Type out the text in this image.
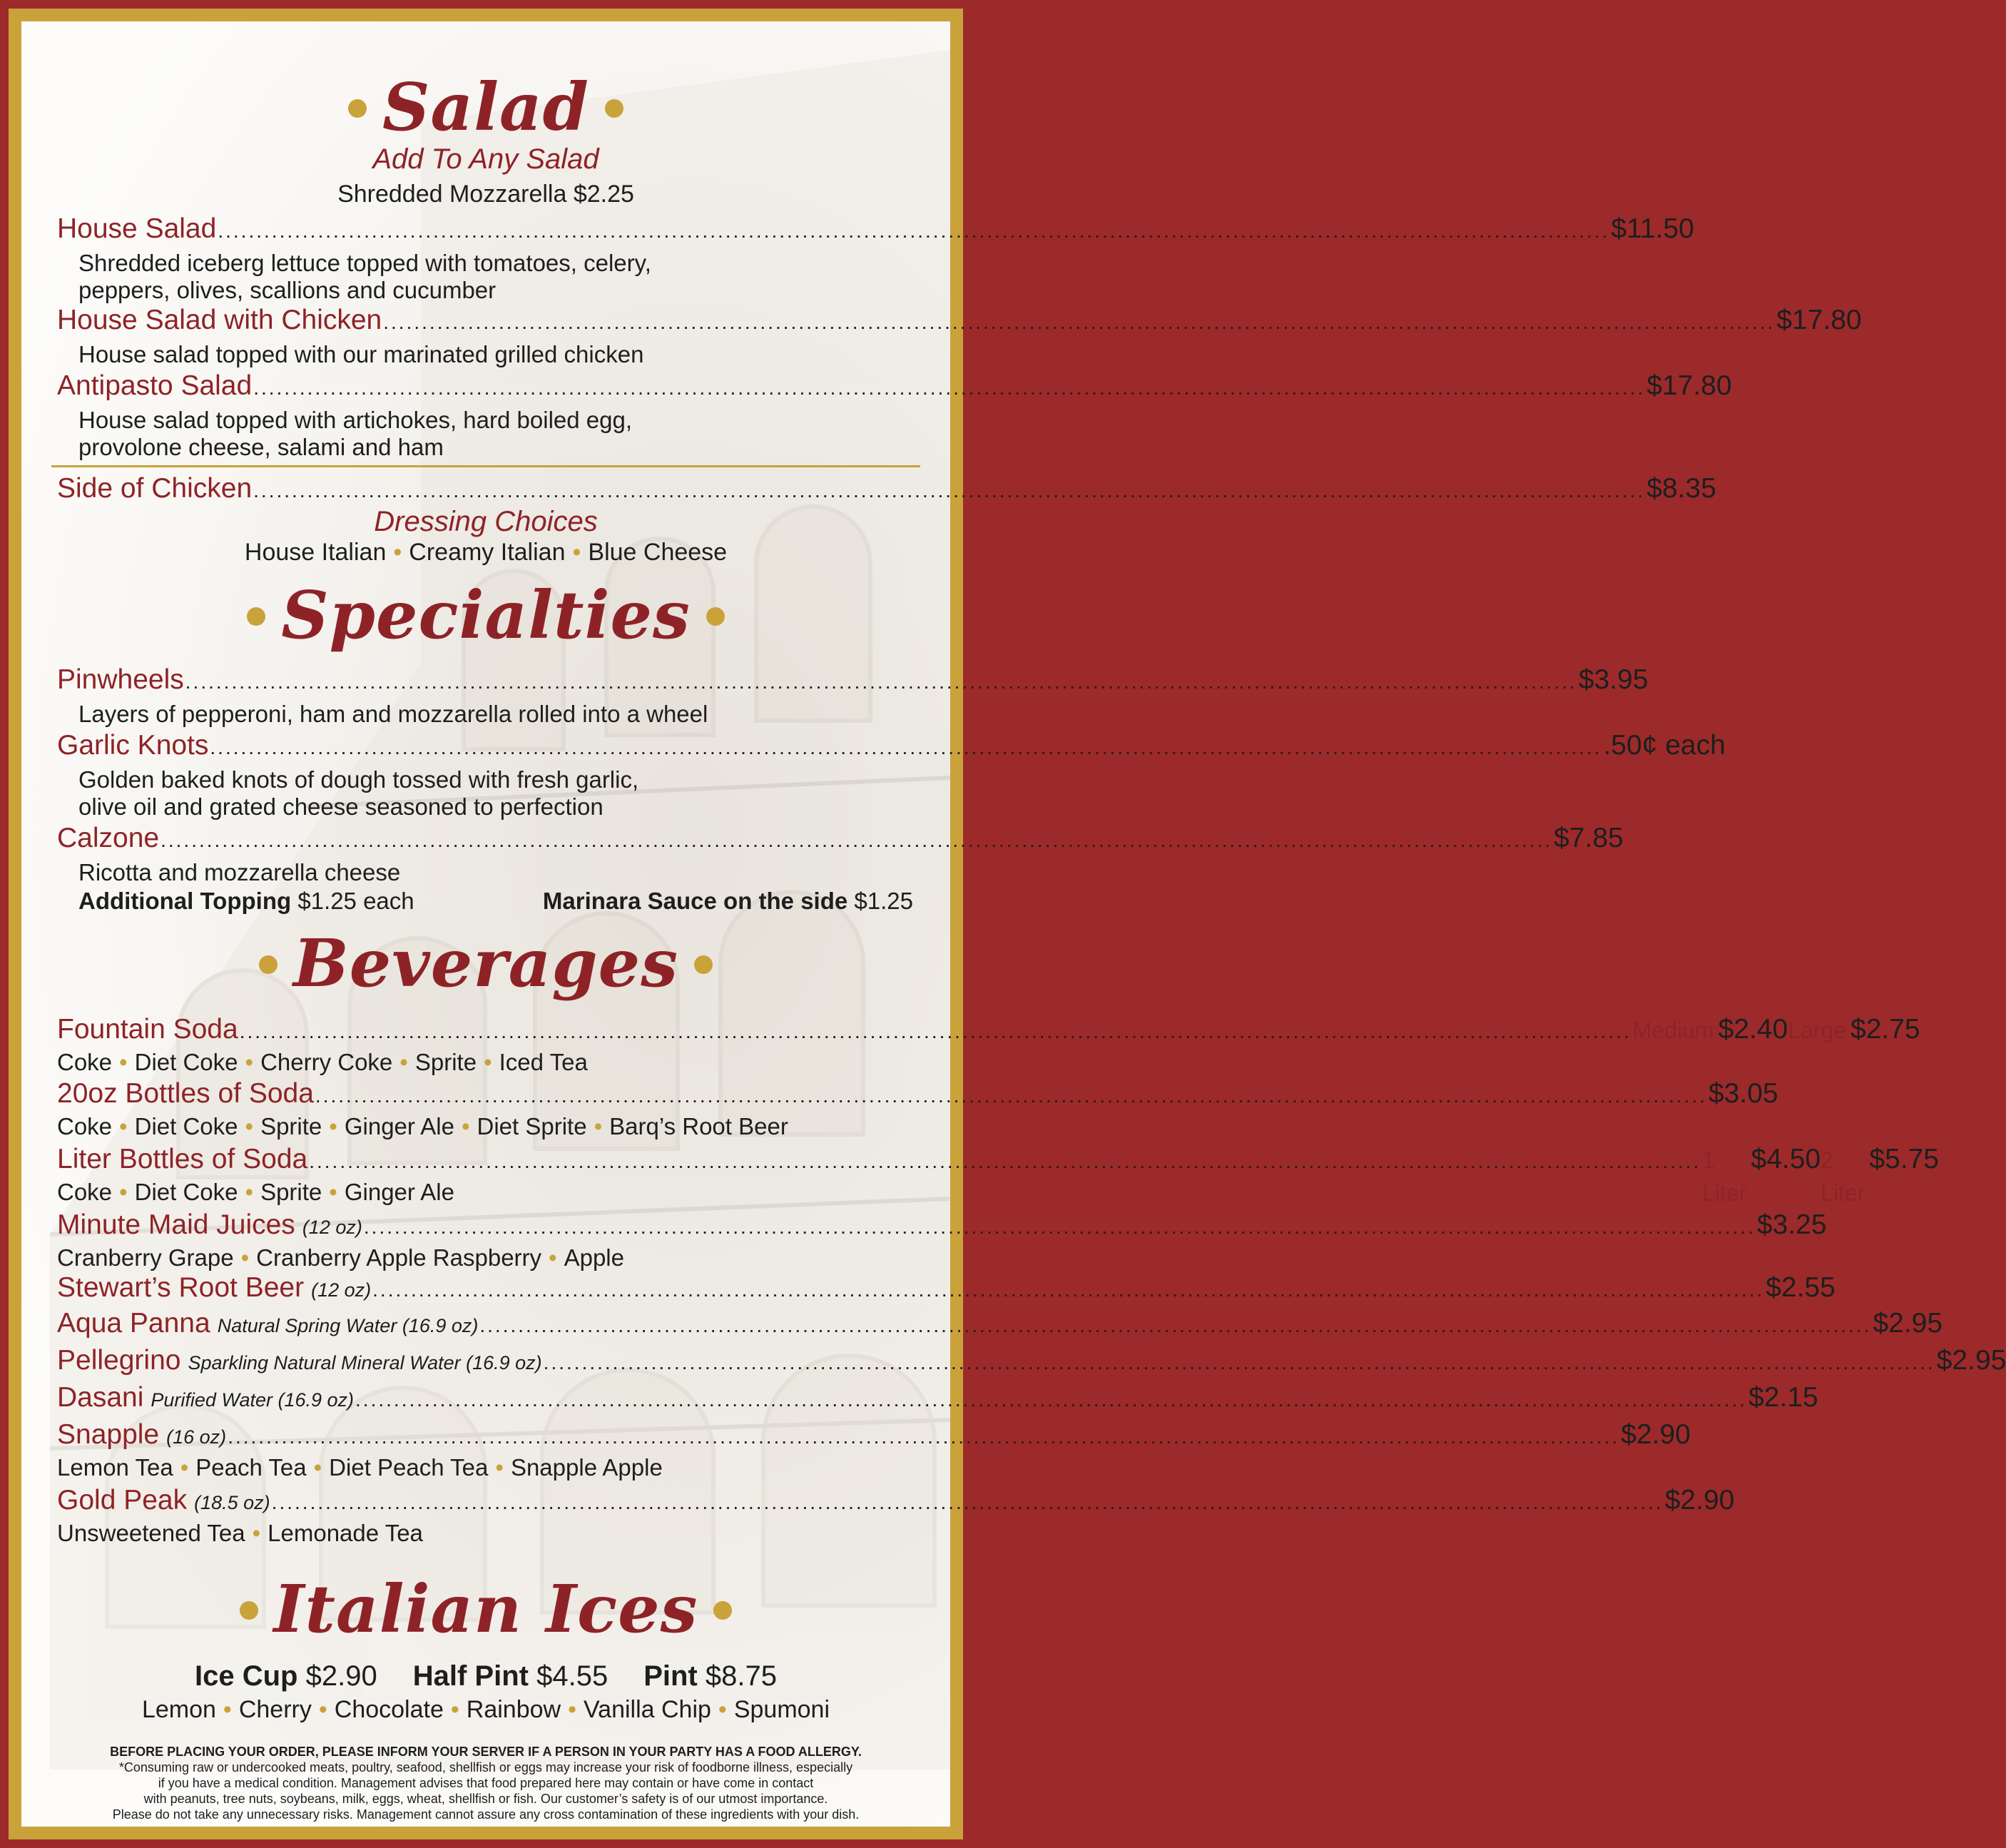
Salad
Add To Any Salad
Shredded Mozzarella $2.25
House Salad ..................................................................................................................................................................................... $11.50
Shredded iceberg lettuce topped with tomatoes, celery,
peppers, olives, scallions and cucumber
House Salad with Chicken ..................................................................................................................................................................................... $17.80
House salad topped with our marinated grilled chicken
Antipasto Salad ..................................................................................................................................................................................... $17.80
House salad topped with artichokes, hard boiled egg,
provolone cheese, salami and ham
Side of Chicken ..................................................................................................................................................................................... $8.35
Dressing Choices
House Italian • Creamy Italian • Blue Cheese
Specialties
Pinwheels ..................................................................................................................................................................................... $3.95
Layers of pepperoni, ham and mozzarella rolled into a wheel
Garlic Knots ..................................................................................................................................................................................... .50¢ each
Golden baked knots of dough tossed with fresh garlic,
olive oil and grated cheese seasoned to perfection
Calzone ..................................................................................................................................................................................... $7.85
Ricotta and mozzarella cheese
Additional Topping $1.25 each	Marinara Sauce on the side $1.25
Beverages
Fountain Soda ..................................................................................................................................................................................... Medium $2.40 Large $2.75
Coke • Diet Coke • Cherry Coke • Sprite • Iced Tea
20oz Bottles of Soda ..................................................................................................................................................................................... $3.05
Coke • Diet Coke • Sprite • Ginger Ale • Diet Sprite • Barq’s Root Beer
Liter Bottles of Soda ..................................................................................................................................................................................... 1 Liter
$4.50 2 Liter
$5.75
Coke • Diet Coke • Sprite • Ginger Ale
Minute Maid Juices (12 oz) ..................................................................................................................................................................................... $3.25
Cranberry Grape • Cranberry Apple Raspberry • Apple
Stewart’s Root Beer (12 oz) ..................................................................................................................................................................................... $2.55
Aqua Panna Natural Spring Water (16.9 oz) ..................................................................................................................................................................................... $2.95
Pellegrino Sparkling Natural Mineral Water (16.9 oz) ..................................................................................................................................................................................... $2.95
Dasani Purified Water (16.9 oz) ..................................................................................................................................................................................... $2.15
Snapple (16 oz) ..................................................................................................................................................................................... $2.90
Lemon Tea • Peach Tea • Diet Peach Tea • Snapple Apple
Gold Peak (18.5 oz) ..................................................................................................................................................................................... $2.90
Unsweetened Tea • Lemonade Tea
Italian Ices
Ice Cup $2.90 Half Pint $4.55 Pint $8.75
Lemon • Cherry • Chocolate • Rainbow • Vanilla Chip • Spumoni
BEFORE PLACING YOUR ORDER, PLEASE INFORM YOUR SERVER IF A PERSON IN YOUR PARTY HAS A FOOD ALLERGY.
*Consuming raw or undercooked meats, poultry, seafood, shellfish or eggs may increase your risk of foodborne illness, especially
if you have a medical condition. Management advises that food prepared here may contain or have come in contact
with peanuts, tree nuts, soybeans, milk, eggs, wheat, shellfish or fish. Our customer’s safety is of our utmost importance.
Please do not take any unnecessary risks. Management cannot assure any cross contamination of these ingredients with your dish.
